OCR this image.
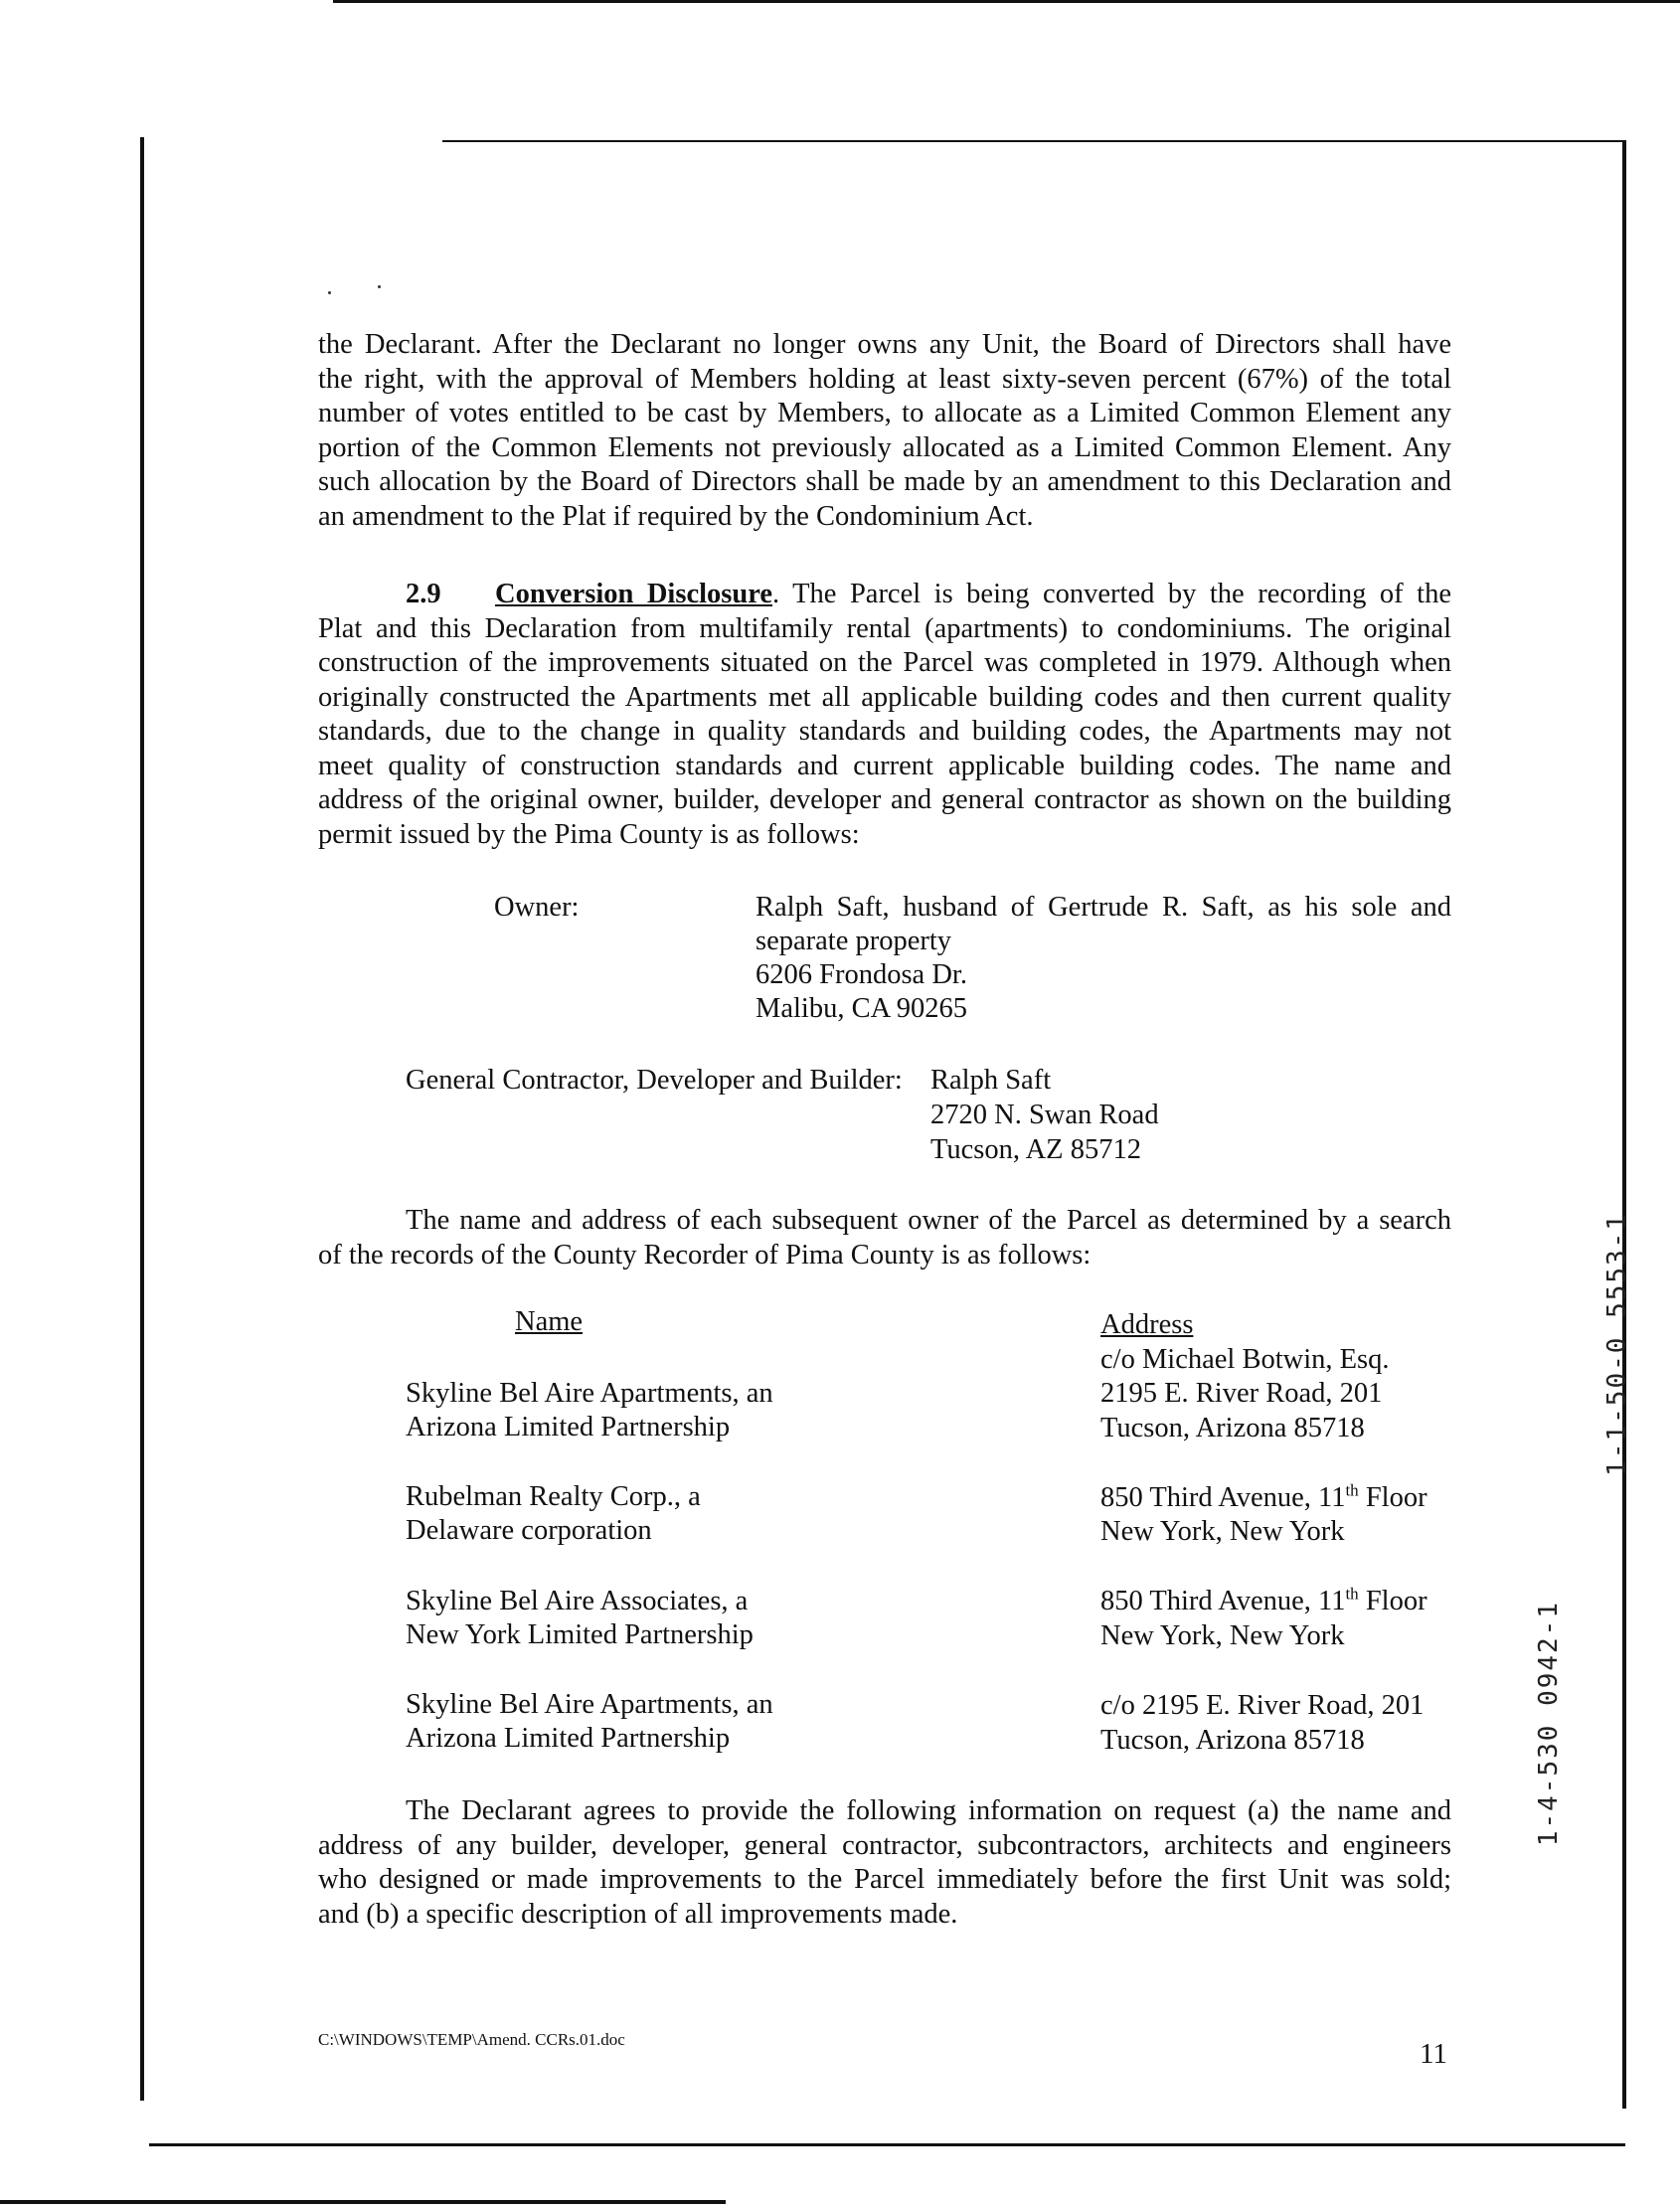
the Declarant. After the Declarant no longer owns any Unit, the Board of Directors shall have
the right, with the approval of Members holding at least sixty-seven percent (67%) of the total
number of votes entitled to be cast by Members, to allocate as a Limited Common Element any
portion of the Common Elements not previously allocated as a Limited Common Element. Any
such allocation by the Board of Directors shall be made by an amendment to this Declaration and
an amendment to the Plat if required by the Condominium Act.
2.9 Conversion Disclosure. The Parcel is being converted by the recording of the
Plat and this Declaration from multifamily rental (apartments) to condominiums. The original
construction of the improvements situated on the Parcel was completed in 1979. Although when
originally constructed the Apartments met all applicable building codes and then current quality
standards, due to the change in quality standards and building codes, the Apartments may not
meet quality of construction standards and current applicable building codes. The name and
address of the original owner, builder, developer and general contractor as shown on the building
permit issued by the Pima County is as follows:
Owner:	Ralph Saft, husband of Gertrude R. Saft, as his sole and
separate property
6206 Frondosa Dr.
Malibu, CA 90265
General Contractor, Developer and Builder: Ralph Saft
2720 N. Swan Road
Tucson, AZ 85712
The name and address of each subsequent owner of the Parcel as determined by a search
of the records of the County Recorder of Pima County is as follows:
Name	Address
c/o Michael Botwin, Esq.
Skyline Bel Aire Apartments, an	2195 E. River Road, 201
Arizona Limited Partnership	Tucson, Arizona 85718
Rubelman Realty Corp., a	850 Third Avenue, 11th Floor
Delaware corporation	New York, New York
Skyline Bel Aire Associates, a	850 Third Avenue, 11th Floor
New York Limited Partnership	New York, New York
Skyline Bel Aire Apartments, an	c/o 2195 E. River Road, 201
Arizona Limited Partnership	Tucson, Arizona 85718
The Declarant agrees to provide the following information on request (a) the name and
address of any builder, developer, general contractor, subcontractors, architects and engineers
who designed or made improvements to the Parcel immediately before the first Unit was sold;
and (b) a specific description of all improvements made.
C:\WINDOWS\TEMP\Amend. CCRs.01.doc	11
1-1-50-0 5553-1
1-4-530 0942-1
